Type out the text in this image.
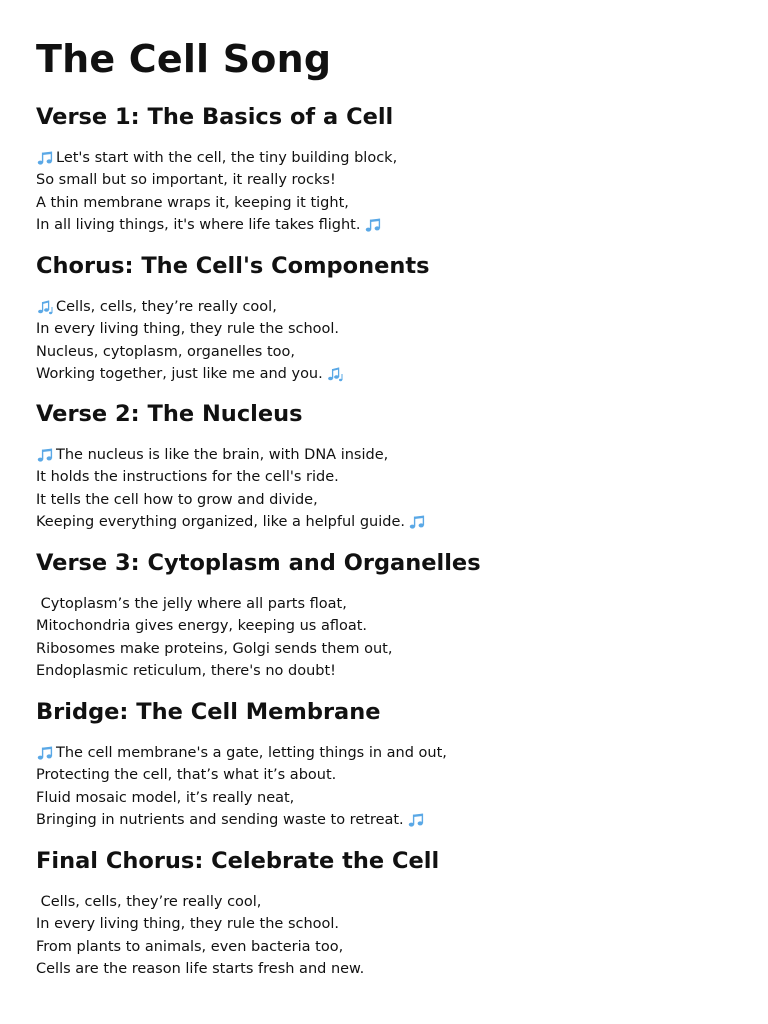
The Cell Song
Verse 1: The Basics of a Cell
Let's start with the cell, the tiny building block,
So small but so important, it really rocks!
A thin membrane wraps it, keeping it tight,
In all living things, it's where life takes flight.
Chorus: The Cell's Components
Cells, cells, they’re really cool,
In every living thing, they rule the school.
Nucleus, cytoplasm, organelles too,
Working together, just like me and you.
Verse 2: The Nucleus
The nucleus is like the brain, with DNA inside,
It holds the instructions for the cell's ride.
It tells the cell how to grow and divide,
Keeping everything organized, like a helpful guide.
Verse 3: Cytoplasm and Organelles
Cytoplasm’s the jelly where all parts float,
Mitochondria gives energy, keeping us afloat.
Ribosomes make proteins, Golgi sends them out,
Endoplasmic reticulum, there's no doubt!
Bridge: The Cell Membrane
The cell membrane's a gate, letting things in and out,
Protecting the cell, that’s what it’s about.
Fluid mosaic model, it’s really neat,
Bringing in nutrients and sending waste to retreat.
Final Chorus: Celebrate the Cell
Cells, cells, they’re really cool,
In every living thing, they rule the school.
From plants to animals, even bacteria too,
Cells are the reason life starts fresh and new.
